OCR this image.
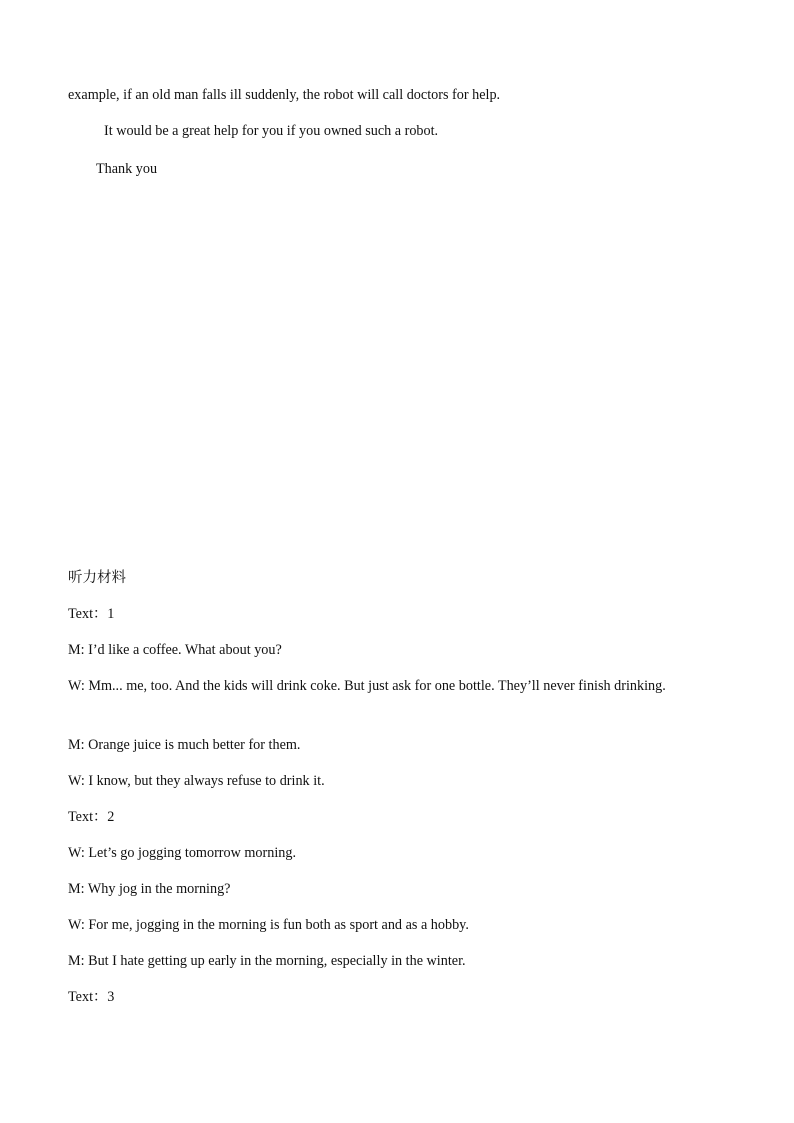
example, if an old man falls ill suddenly, the robot will call doctors for help.
It would be a great help for you if you owned such a robot.
Thank you
听力材料
Text：1
M: I’d like a coffee. What about you?
W: Mm... me, too. And the kids will drink coke. But just ask for one bottle. They’ll never finish drinking.
M: Orange juice is much better for them.
W: I know, but they always refuse to drink it.
Text：2
W: Let’s go jogging tomorrow morning.
M: Why jog in the morning?
W: For me, jogging in the morning is fun both as sport and as a hobby.
M: But I hate getting up early in the morning, especially in the winter.
Text：3
